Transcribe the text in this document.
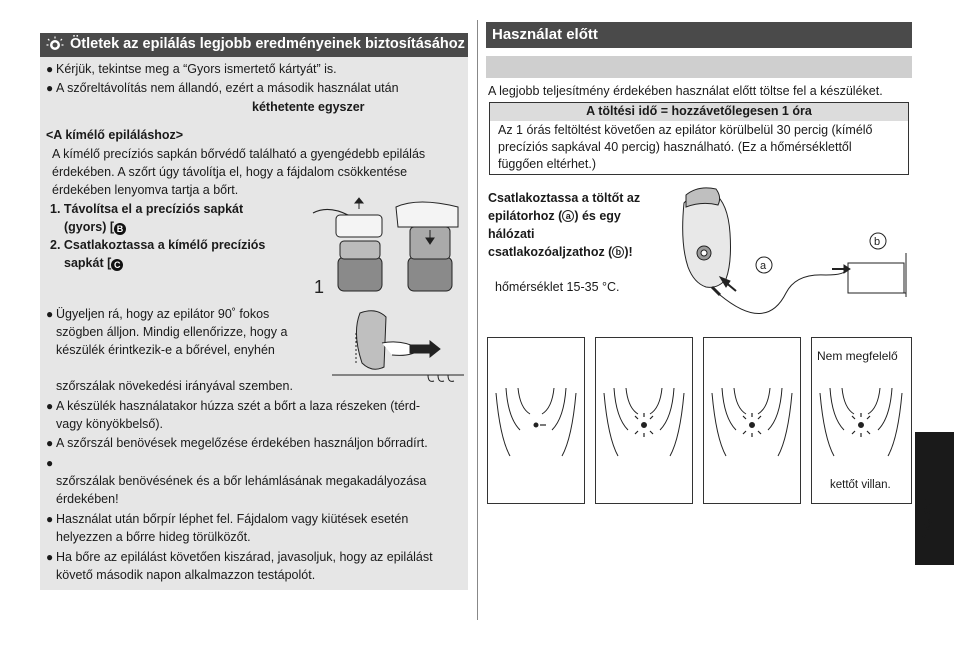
Ötletek az epilálás legjobb eredményeinek biztosításához
● Kérjük, tekintse meg a “Gyors ismertető kártyát” is.
● A szőreltávolítás nem állandó, ezért a második használat után
kéthetente egyszer
<A kímélő epiláláshoz>
A kímélő precíziós sapkán bőrvédő található a gyengédebb epilálás
érdekében. A szőrt úgy távolítja el, hogy a fájdalom csökkentése
érdekében lenyomva tartja a bőrt.
1. Távolítsa el a precíziós sapkát
(gyors) [ B
2. Csatlakoztassa a kímélő precíziós
sapkát [ C
1
● Ügyeljen rá, hogy az epilátor 90˚ fokos
szögben álljon. Mindig ellenőrizze, hogy a
készülék érintkezik-e a bőrével, enyhén
szőrszálak növekedési irányával szemben.
● A készülék használatakor húzza szét a bőrt a laza részeken (térd-
vagy könyökbelső).
● A szőrszál benövések megelőzése érdekében használjon bőrradírt.
●
szőrszálak benövésének és a bőr lehámlásának megakadályozása
érdekében!
● Használat után bőrpír léphet fel. Fájdalom vagy kiütések esetén
helyezzen a bőrre hideg törülközőt.
● Ha bőre az epilálást követően kiszárad, javasoljuk, hogy az epilálást
követő második napon alkalmazzon testápolót.
Használat előtt
A legjobb teljesítmény érdekében használat előtt töltse fel a készüléket.
A töltési idő = hozzávetőlegesen 1 óra
Az 1 órás feltöltést követően az epilátor körülbelül 30 percig (kímélő
precíziós sapkával 40 percig) használható. (Ez a hőmérséklettől
függően eltérhet.)
Csatlakoztassa a töltőt az
epilátorhoz ( a ) és egy
hálózati
csatlakozóaljzathoz ( b )!
hőmérséklet 15-35 °C.
a
b
Nem megfelelő
kettőt villan.
Magyar
